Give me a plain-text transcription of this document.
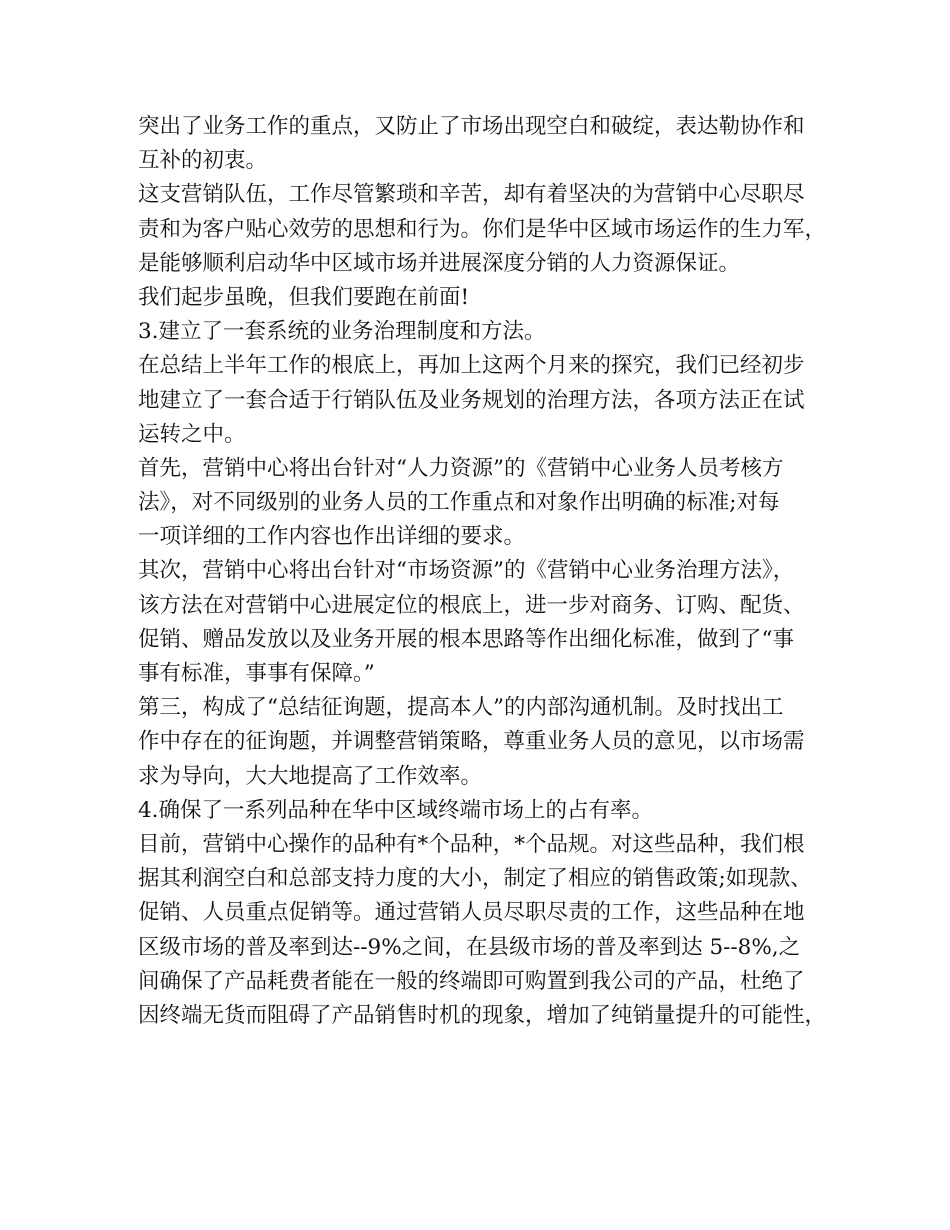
突出了业务工作的重点，又防止了市场出现空白和破绽，表达勒协作和
互补的初衷。
这支营销队伍，工作尽管繁琐和辛苦，却有着坚决的为营销中心尽职尽
责和为客户贴心效劳的思想和行为。你们是华中区域市场运作的生力军，
是能够顺利启动华中区域市场并进展深度分销的人力资源保证。
我们起步虽晚，但我们要跑在前面!
3.建立了一套系统的业务治理制度和方法。
在总结上半年工作的根底上，再加上这两个月来的探究，我们已经初步
地建立了一套合适于行销队伍及业务规划的治理方法，各项方法正在试
运转之中。
首先，营销中心将出台针对“人力资源”的《营销中心业务人员考核方
法》，对不同级别的业务人员的工作重点和对象作出明确的标准;对每
一项详细的工作内容也作出详细的要求。
其次，营销中心将出台针对“市场资源”的《营销中心业务治理方法》，
该方法在对营销中心进展定位的根底上，进一步对商务、订购、配货、
促销、赠品发放以及业务开展的根本思路等作出细化标准，做到了“事
事有标准，事事有保障。”
第三，构成了“总结征询题，提高本人”的内部沟通机制。及时找出工
作中存在的征询题，并调整营销策略，尊重业务人员的意见，以市场需
求为导向，大大地提高了工作效率。
4.确保了一系列品种在华中区域终端市场上的占有率。
目前，营销中心操作的品种有*个品种，*个品规。对这些品种，我们根
据其利润空白和总部支持力度的大小，制定了相应的销售政策;如现款、
促销、人员重点促销等。通过营销人员尽职尽责的工作，这些品种在地
区级市场的普及率到达--9%之间，在县级市场的普及率到达 5--8%,之
间确保了产品耗费者能在一般的终端即可购置到我公司的产品，杜绝了
因终端无货而阻碍了产品销售时机的现象，增加了纯销量提升的可能性，
